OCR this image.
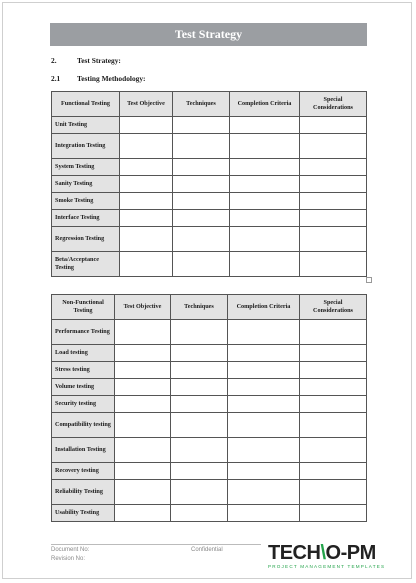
Test Strategy
2.	Test Strategy:
2.1 Testing Methodology:
Functional Testing	Test Objective	Techniques	Completion Criteria	Special Considerations
Unit Testing				
Integration Testing				
System Testing				
Sanity Testing				
Smoke Testing				
Interface Testing				
Regression Testing				
Beta/Acceptance Testing				
Non-Functional Testing	Test Objective	Techniques	Completion Criteria	Special Considerations
Performance Testing				
Load testing				
Stress testing				
Volume testing				
Security testing				
Compatibility testing				
Installation Testing				
Recovery testing				
Reliability Testing				
Usability Testing				
Document No:
Revision No:
Confidential TECH\O-PM
PROJECT MANAGEMENT TEMPLATES
